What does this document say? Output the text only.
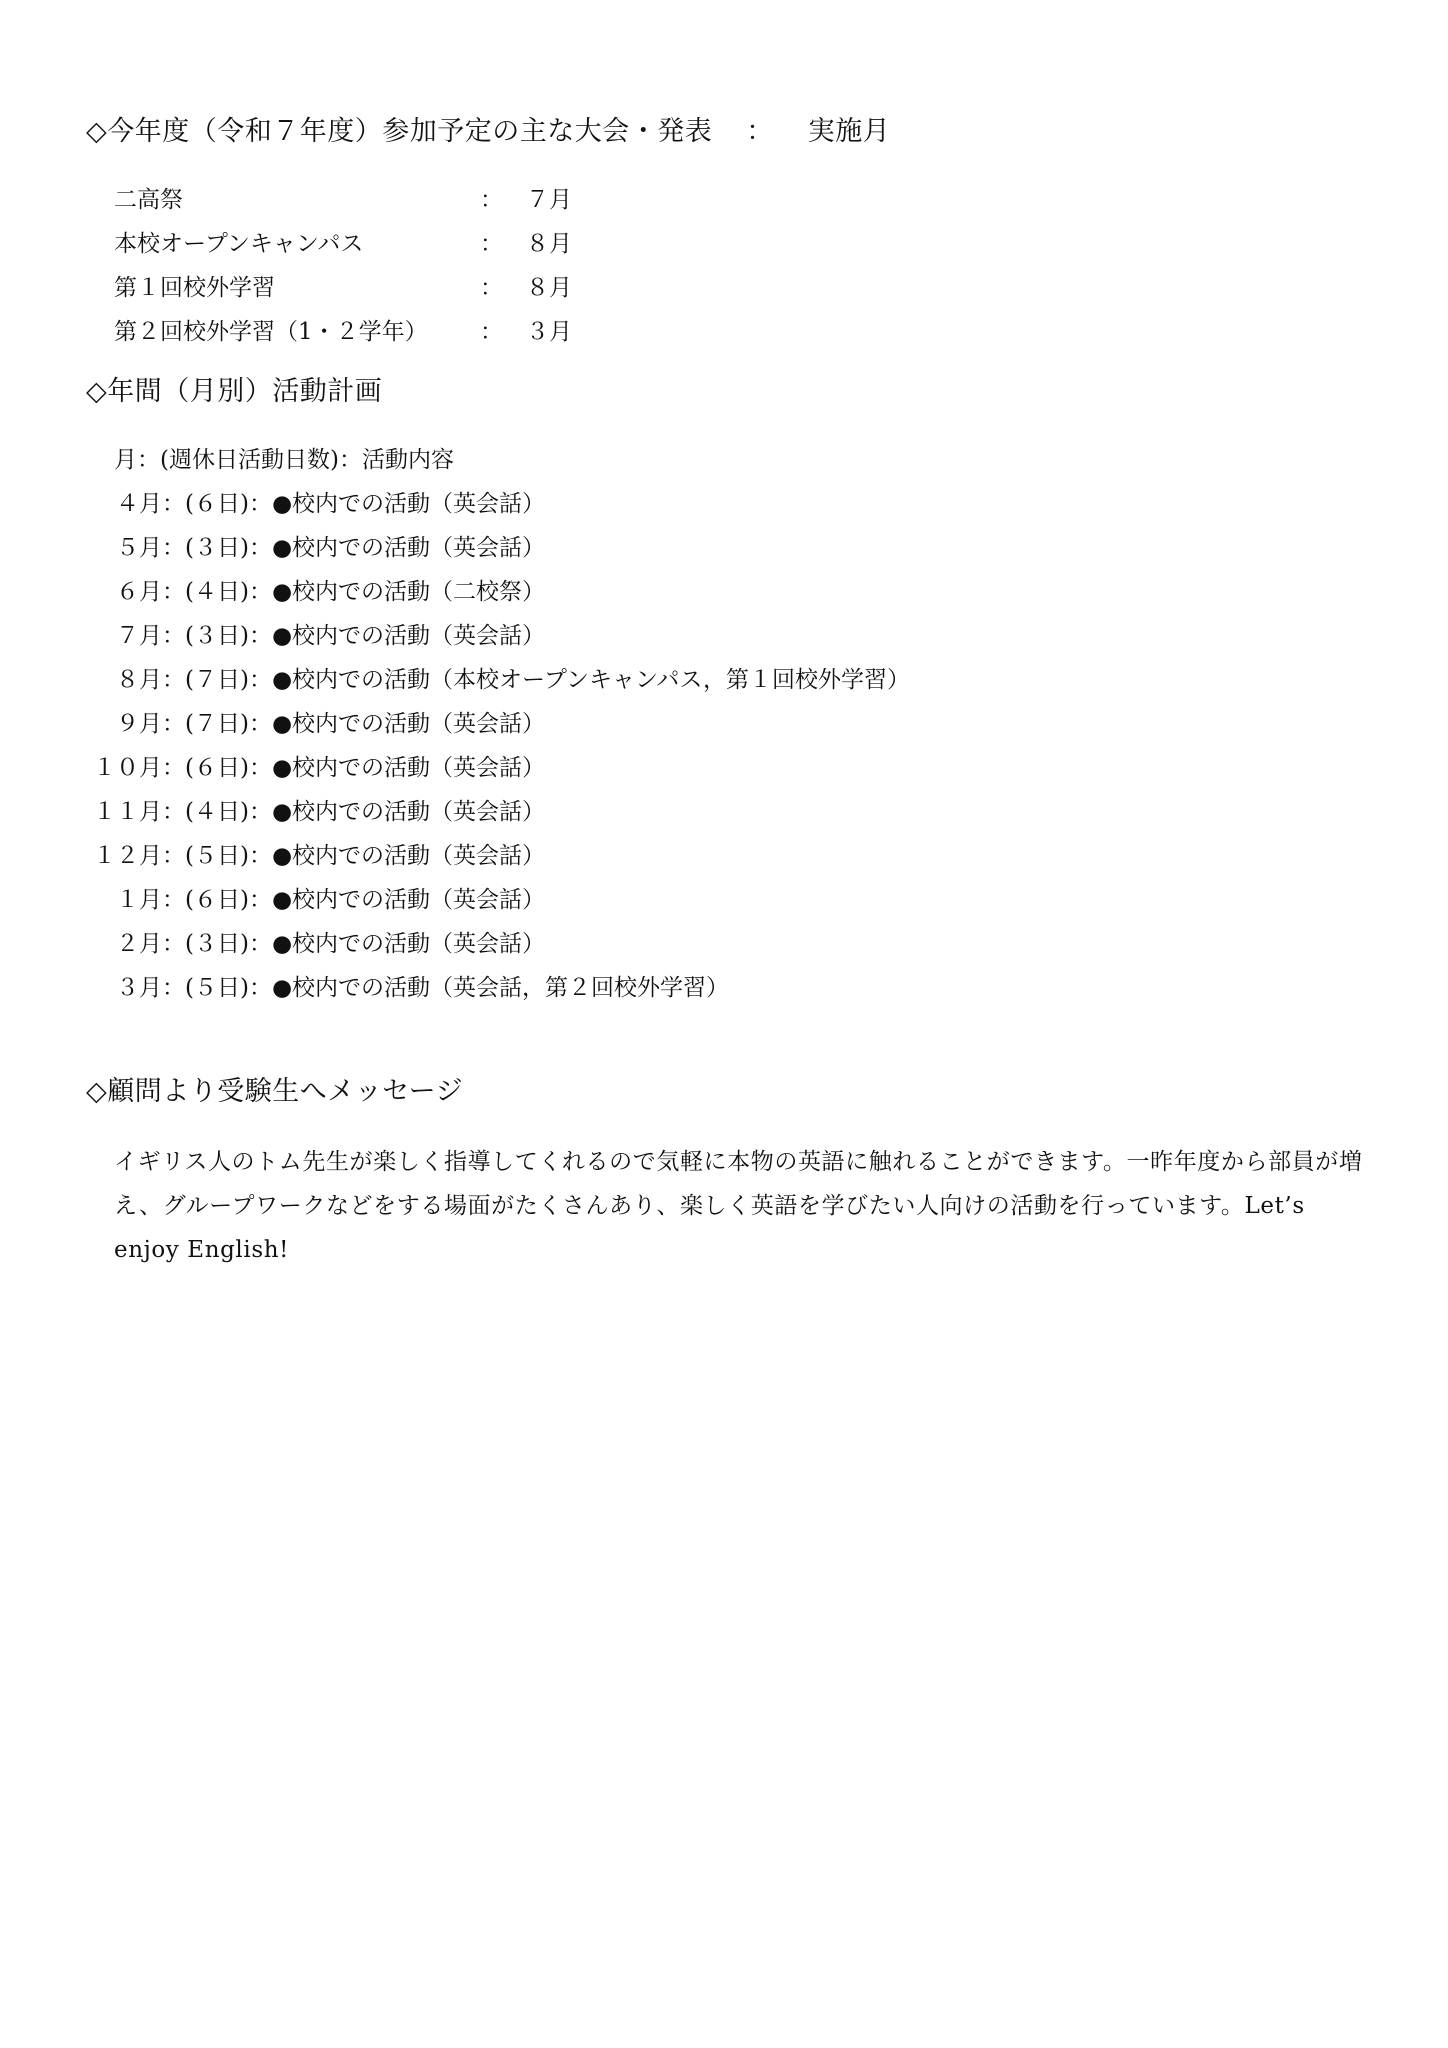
◇今年度（令和７年度）参加予定の主な大会・発表 ： 実施月
二高祭	： ７月
本校オープンキャンパス	： ８月
第１回校外学習	： ８月
第２回校外学習（1・２学年） ： ３月
◇年間（月別）活動計画
月：(週休日活動日数)：活動内容
４月：(６日)：●校内での活動（英会話）
５月：(３日)：●校内での活動（英会話）
６月：(４日)：●校内での活動（二校祭）
７月：(３日)：●校内での活動（英会話）
８月：(７日)：●校内での活動（本校オープンキャンパス，第１回校外学習）
９月：(７日)：●校内での活動（英会話）
１０月：(６日)：●校内での活動（英会話）
１１月：(４日)：●校内での活動（英会話）
１２月：(５日)：●校内での活動（英会話）
１月：(６日)：●校内での活動（英会話）
２月：(３日)：●校内での活動（英会話）
３月：(５日)：●校内での活動（英会話，第２回校外学習）
◇顧問より受験生へメッセージ
イギリス人のトム先生が楽しく指導してくれるので気軽に本物の英語に触れることができます。一昨年度から部員が増え、グループワークなどをする場面がたくさんあり、楽しく英語を学びたい人向けの活動を行っています。Let’s enjoy English!
